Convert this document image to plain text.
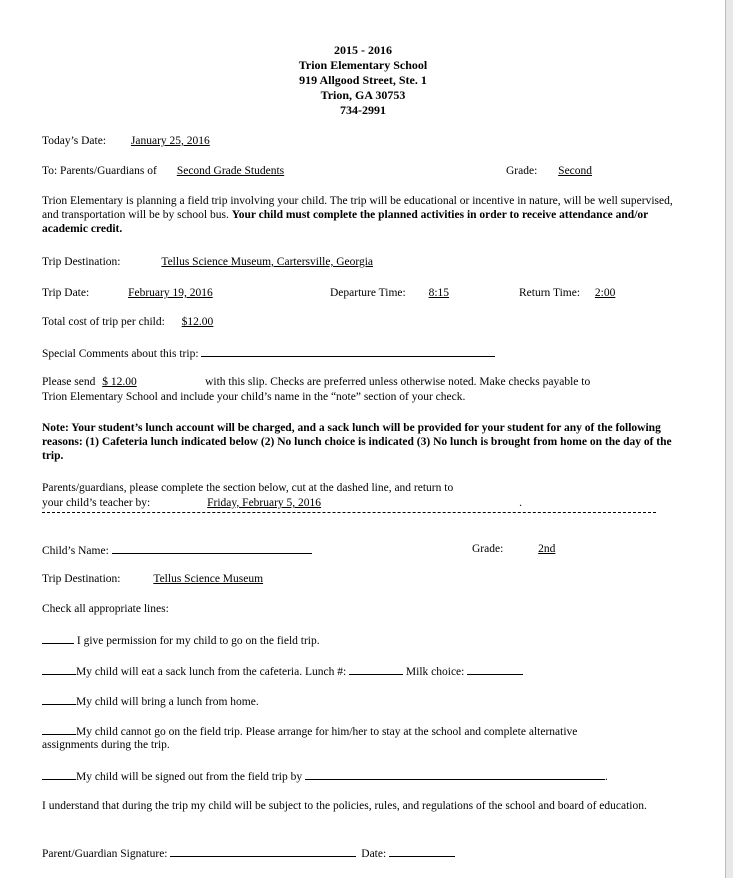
2015 - 2016
Trion Elementary School
919 Allgood Street, Ste. 1
Trion, GA 30753
734-2991
Today’s Date: January 25, 2016
To: Parents/Guardians of Second Grade Students	Grade: Second
Trion Elementary is planning a field trip involving your child. The trip will be educational or incentive in nature, will be well supervised, and transportation will be by school bus. Your child must complete the planned activities in order to receive attendance and/or academic credit.
Trip Destination:	Tellus Science Museum, Cartersville, Georgia
Trip Date:	February 19, 2016	Departure Time: 8:15	Return Time: 2:00
Total cost of trip per child: $12.00
Special Comments about this trip:
Please send $ 12.00	with this slip. Checks are preferred unless otherwise noted. Make checks payable to
Trion Elementary School and include your child’s name in the “note” section of your check.
Note: Your student’s lunch account will be charged, and a sack lunch will be provided for your student for any of the following reasons: (1) Cafeteria lunch indicated below (2) No lunch choice is indicated (3) No lunch is brought from home on the day of the trip.
Parents/guardians, please complete the section below, cut at the dashed line, and return to
your child’s teacher by:	Friday, February 5, 2016	.
Child’s Name:	Grade:	2nd
Trip Destination:	Tellus Science Museum
Check all appropriate lines:
I give permission for my child to go on the field trip.
My child will eat a sack lunch from the cafeteria. Lunch #:	Milk choice:
My child will bring a lunch from home.
My child cannot go on the field trip. Please arrange for him/her to stay at the school and complete alternative
assignments during the trip.
My child will be signed out from the field trip by	.
I understand that during the trip my child will be subject to the policies, rules, and regulations of the school and board of education.
Parent/Guardian Signature:	Date:
